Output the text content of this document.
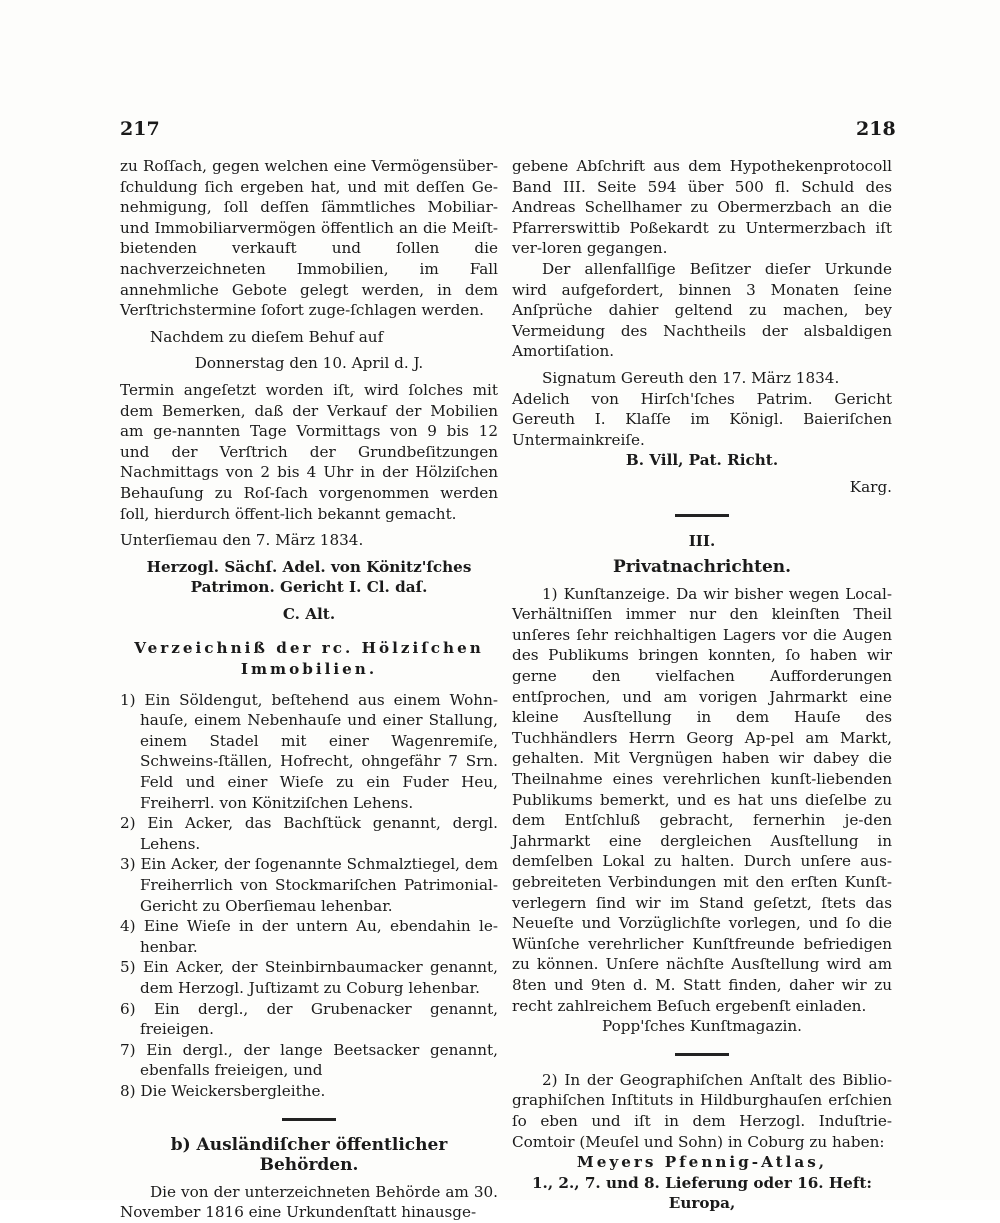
217	218

zu Roſſach, gegen welchen eine Vermögensüber-ſchuldung ſich ergeben hat, und mit deſſen Ge-nehmigung, ſoll deſſen ſämmtliches Mobiliar- und Immobiliarvermögen öffentlich an die Meiſt-bietenden verkauft und ſollen die nachverzeichneten Immobilien, im Fall annehmliche Gebote gelegt werden, in dem Verſtrichstermine ſofort zuge-ſchlagen werden.

Nachdem zu dieſem Behuf auf

Donnerstag den 10. April d. J.

Termin angeſetzt worden iſt, wird ſolches mit dem Bemerken, daß der Verkauf der Mobilien am ge-nannten Tage Vormittags von 9 bis 12 und der Verſtrich der Grundbeſitzungen Nachmittags von 2 bis 4 Uhr in der Hölziſchen Behauſung zu Roſ-ſach vorgenommen werden ſoll, hierdurch öffent-lich bekannt gemacht.

Unterſiemau den 7. März 1834.

Herzogl. Sächſ. Adel. von Könitz'ſches Patrimon. Gericht I. Cl. daſ.

C. Alt.

Verzeichniß der rc. Hölziſchen Immobilien.

1) Ein Söldengut, beſtehend aus einem Wohn-hauſe, einem Nebenhauſe und einer Stallung, einem Stadel mit einer Wagenremiſe, Schweins-ſtällen, Hofrecht, ohngefähr 7 Srn. Feld und einer Wieſe zu ein Fuder Heu, Freiherrl. von Könitziſchen Lehens.

2) Ein Acker, das Bachſtück genannt, dergl. Lehens.

3) Ein Acker, der ſogenannte Schmalztiegel, dem Freiherrlich von Stockmariſchen Patrimonial-Gericht zu Oberſiemau lehenbar.

4) Eine Wieſe in der untern Au, ebendahin le-henbar.

5) Ein Acker, der Steinbirnbaumacker genannt, dem Herzogl. Juſtizamt zu Coburg lehenbar.

6) Ein dergl., der Grubenacker genannt, freieigen.

7) Ein dergl., der lange Beetsacker genannt, ebenfalls freieigen, und

8) Die Weickersbergleithe.

b) Ausländiſcher öffentlicher Behörden.

Die von der unterzeichneten Behörde am 30. November 1816 eine Urkundenſtatt hinausge-

gebene Abſchrift aus dem Hypothekenprotocoll Band III. Seite 594 über 500 fl. Schuld des Andreas Schellhamer zu Obermerzbach an die Pfarrerswittib Poßekardt zu Untermerzbach iſt ver-loren gegangen.

Der allenfallſige Beſitzer dieſer Urkunde wird aufgefordert, binnen 3 Monaten ſeine Anſprüche dahier geltend zu machen, bey Vermeidung des Nachtheils der alsbaldigen Amortiſation.

Signatum Gereuth den 17. März 1834.

Adelich von Hirſch'ſches Patrim. Gericht Gereuth I. Klaſſe im Königl. Baieriſchen Untermainkreiſe.

B. Vill, Pat. Richt.

Karg.

III.

Privatnachrichten.

1) Kunſtanzeige. Da wir bisher wegen Local-Verhältniſſen immer nur den kleinſten Theil unſeres ſehr reichhaltigen Lagers vor die Augen des Publikums bringen konnten, ſo haben wir gerne den vielfachen Aufforderungen entſprochen, und am vorigen Jahrmarkt eine kleine Ausſtellung in dem Hauſe des Tuchhändlers Herrn Georg Ap-pel am Markt, gehalten. Mit Vergnügen haben wir dabey die Theilnahme eines verehrlichen kunſt-liebenden Publikums bemerkt, und es hat uns dieſelbe zu dem Entſchluß gebracht, fernerhin je-den Jahrmarkt eine dergleichen Ausſtellung in demſelben Lokal zu halten. Durch unſere aus-gebreiteten Verbindungen mit den erſten Kunſt-verlegern ſind wir im Stand geſetzt, ſtets das Neueſte und Vorzüglichſte vorlegen, und ſo die Wünſche verehrlicher Kunſtfreunde befriedigen zu können. Unſere nächſte Ausſtellung wird am 8ten und 9ten d. M. Statt finden, daher wir zu recht zahlreichem Beſuch ergebenſt einladen.

Popp'ſches Kunſtmagazin.

2) In der Geographiſchen Anſtalt des Biblio-graphiſchen Inſtituts in Hildburghauſen erſchien ſo eben und iſt in dem Herzogl. Induſtrie-Comtoir (Meuſel und Sohn) in Coburg zu haben:

Meyers Pfennig-Atlas,

1., 2., 7. und 8. Lieferung oder 16. Heft: Europa,
